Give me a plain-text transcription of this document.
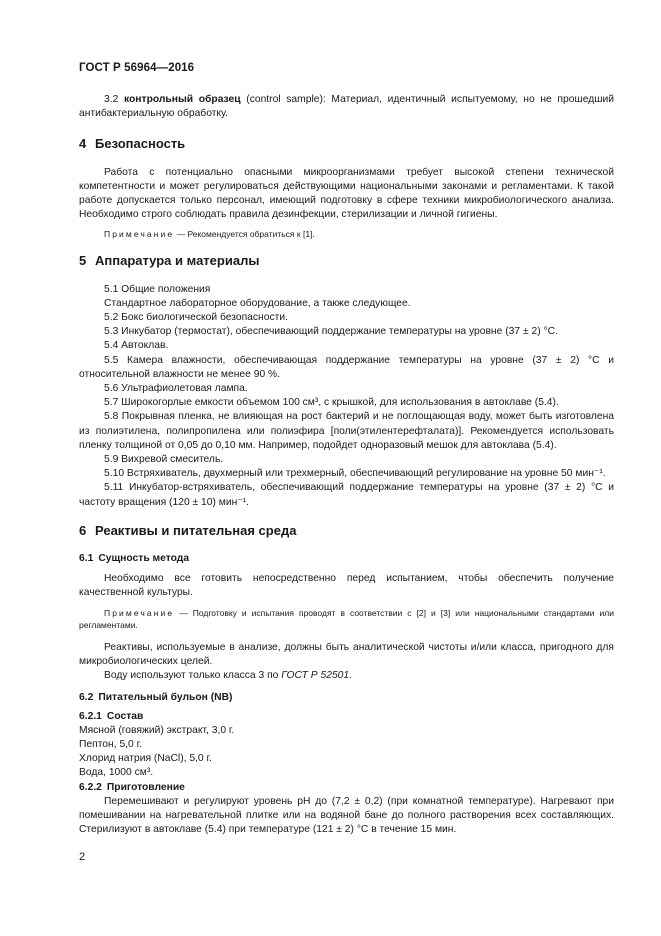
ГОСТ Р 56964—2016

3.2 контрольный образец (control sample): Материал, идентичный испытуемому, но не прошедший антибактериальную обработку.

4 Безопасность

Работа с потенциально опасными микроорганизмами требует высокой степени технической компетентности и может регулироваться действующими национальными законами и регламентами. К такой работе допускается только персонал, имеющий подготовку в сфере техники микробиологического анализа. Необходимо строго соблюдать правила дезинфекции, стерилизации и личной гигиены.

Примечание — Рекомендуется обратиться к [1].

5 Аппаратура и материалы

5.1 Общие положения

Стандартное лабораторное оборудование, а также следующее.

5.2 Бокс биологической безопасности.

5.3 Инкубатор (термостат), обеспечивающий поддержание температуры на уровне (37 ± 2) °С.

5.4 Автоклав.

5.5 Камера влажности, обеспечивающая поддержание температуры на уровне (37 ± 2) °С и относительной влажности не менее 90 %.

5.6 Ультрафиолетовая лампа.

5.7 Широкогорлые емкости объемом 100 см³, с крышкой, для использования в автоклаве (5.4).

5.8 Покрывная пленка, не влияющая на рост бактерий и не поглощающая воду, может быть изготовлена из полиэтилена, полипропилена или полиэфира [поли(этилентерефталата)]. Рекомендуется использовать пленку толщиной от 0,05 до 0,10 мм. Например, подойдет одноразовый мешок для автоклава (5.4).

5.9 Вихревой смеситель.

5.10 Встряхиватель, двухмерный или трехмерный, обеспечивающий регулирование на уровне 50 мин⁻¹.

5.11 Инкубатор-встряхиватель, обеспечивающий поддержание температуры на уровне (37 ± 2) °С и частоту вращения (120 ± 10) мин⁻¹.

6 Реактивы и питательная среда
6.1 Сущность метода

Необходимо все готовить непосредственно перед испытанием, чтобы обеспечить получение качественной культуры.

Примечание — Подготовку и испытания проводят в соответствии с [2] и [3] или национальными стандартами или регламентами.

Реактивы, используемые в анализе, должны быть аналитической чистоты и/или класса, пригодного для микробиологических целей.

Воду используют только класса 3 по ГОСТ Р 52501.

6.2 Питательный бульон (NB)
6.2.1 Состав

Мясной (говяжий) экстракт, 3,0 г.

Пептон, 5,0 г.

Хлорид натрия (NaCl), 5,0 г.

Вода, 1000 см³.

6.2.2 Приготовление

Перемешивают и регулируют уровень рН до (7,2 ± 0,2) (при комнатной температуре). Нагревают при помешивании на нагревательной плитке или на водяной бане до полного растворения всех составляющих. Стерилизуют в автоклаве (5.4) при температуре (121 ± 2) °С в течение 15 мин.

2
